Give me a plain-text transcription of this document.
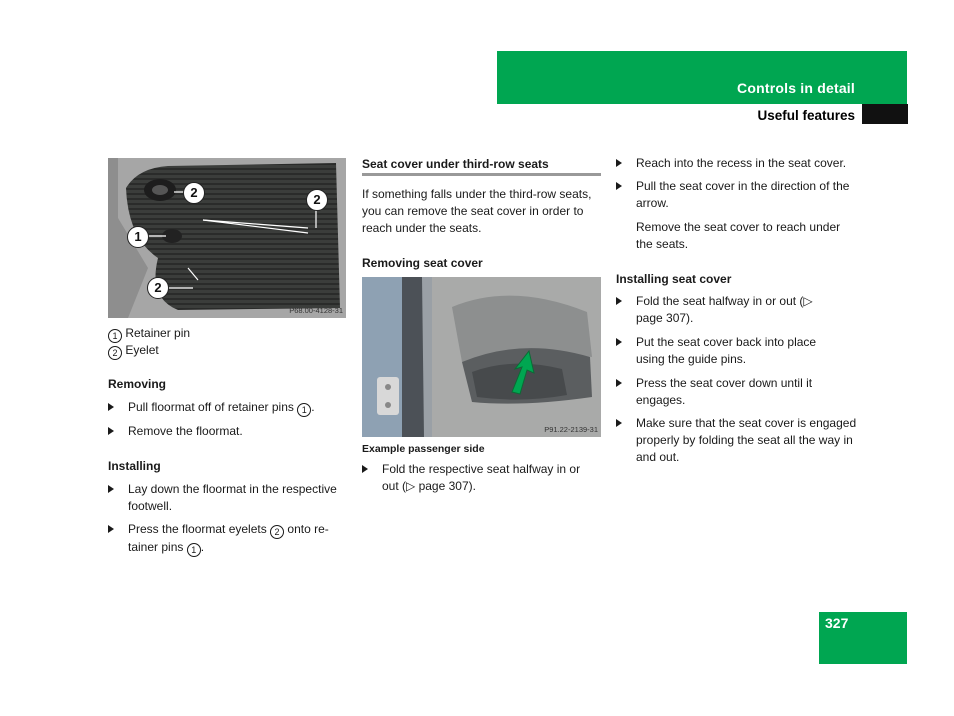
Controls in detail
Useful features
2	2
1
2
P68.00-4128-31
1 Retainer pin
2 Eyelet
Removing
Pull floormat off of retainer pins 1 .
Remove the floormat.
Installing
Lay down the floormat in the respective footwell.
Press the floormat eyelets 2 onto re-tainer pins 1 .
Seat cover under third-row seats
If something falls under the third-row seats, you can remove the seat cover in order to reach under the seats.
Removing seat cover
P91.22-2139-31
Example passenger side
Fold the respective seat halfway in or out (▷ page 307).
Reach into the recess in the seat cover.
Pull the seat cover in the direction of the arrow.
Remove the seat cover to reach under the seats.
Installing seat cover
Fold the seat halfway in or out (▷ page 307).
Put the seat cover back into place using the guide pins.
Press the seat cover down until it engages.
Make sure that the seat cover is engaged properly by folding the seat all the way in and out.
327
